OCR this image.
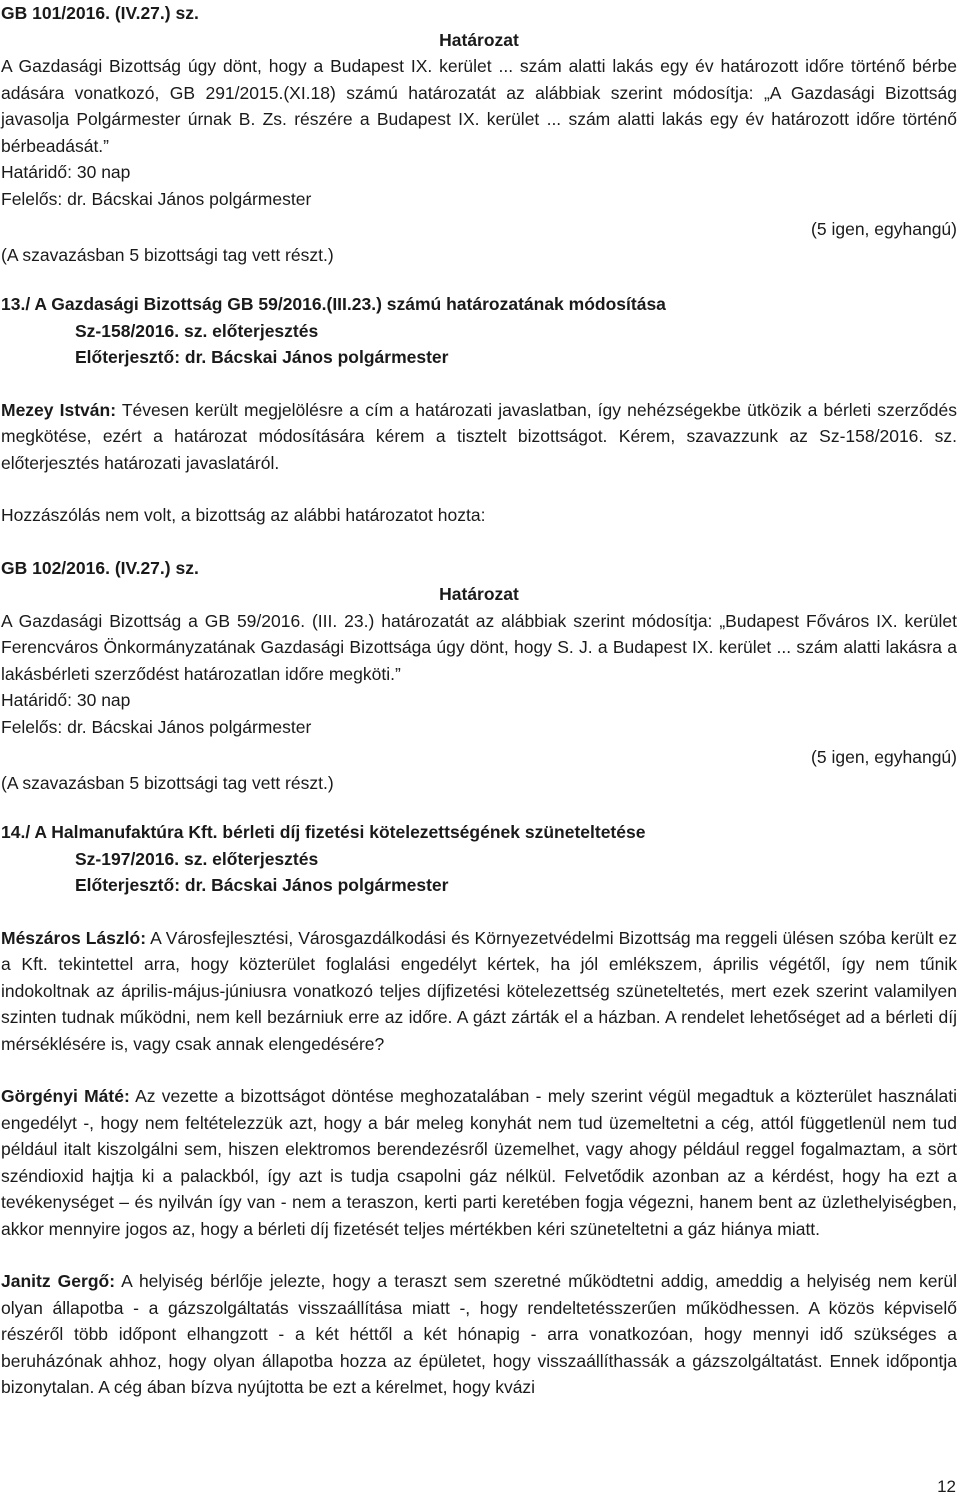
GB 101/2016. (IV.27.) sz.

Határozat

A Gazdasági Bizottság úgy dönt, hogy a Budapest IX. kerület ... szám alatti lakás egy év határozott időre történő bérbe adására vonatkozó, GB 291/2015.(XI.18) számú határozatát az alábbiak szerint módosítja: „A Gazdasági Bizottság javasolja Polgármester úrnak B. Zs. részére a Budapest IX. kerület ... szám alatti lakás egy év határozott időre történő bérbeadását.”

Határidő: 30 nap

Felelős: dr. Bácskai János polgármester

(5 igen, egyhangú)
(A szavazásban 5 bizottsági tag vett részt.)

13./ A Gazdasági Bizottság GB 59/2016.(III.23.) számú határozatának módosítása

Sz-158/2016. sz. előterjesztés

Előterjesztő: dr. Bácskai János polgármester

Mezey István: Tévesen került megjelölésre a cím a határozati javaslatban, így nehézségekbe ütközik a bérleti szerződés megkötése, ezért a határozat módosítására kérem a tisztelt bizottságot. Kérem, szavazzunk az Sz-158/2016. sz. előterjesztés határozati javaslatáról.

Hozzászólás nem volt, a bizottság az alábbi határozatot hozta:

GB 102/2016. (IV.27.) sz.

Határozat

A Gazdasági Bizottság a GB 59/2016. (III. 23.) határozatát az alábbiak szerint módosítja: „Budapest Főváros IX. kerület Ferencváros Önkormányzatának Gazdasági Bizottsága úgy dönt, hogy S. J. a Budapest IX. kerület ... szám alatti lakásra a lakásbérleti szerződést határozatlan időre megköti.”

Határidő: 30 nap

Felelős: dr. Bácskai János polgármester

(5 igen, egyhangú)
(A szavazásban 5 bizottsági tag vett részt.)

14./ A Halmanufaktúra Kft. bérleti díj fizetési kötelezettségének szüneteltetése

Sz-197/2016. sz. előterjesztés

Előterjesztő: dr. Bácskai János polgármester

Mészáros László: A Városfejlesztési, Városgazdálkodási és Környezetvédelmi Bizottság ma reggeli ülésen szóba került ez a Kft. tekintettel arra, hogy közterület foglalási engedélyt kértek, ha jól emlékszem, április végétől, így nem tűnik indokoltnak az április-május-júniusra vonatkozó teljes díjfizetési kötelezettség szüneteltetés, mert ezek szerint valamilyen szinten tudnak működni, nem kell bezárniuk erre az időre. A gázt zárták el a házban. A rendelet lehetőséget ad a bérleti díj mérséklésére is, vagy csak annak elengedésére?

Görgényi Máté: Az vezette a bizottságot döntése meghozatalában - mely szerint végül megadtuk a közterület használati engedélyt -, hogy nem feltételezzük azt, hogy a bár meleg konyhát nem tud üzemeltetni a cég, attól függetlenül nem tud például italt kiszolgálni sem, hiszen elektromos berendezésről üzemelhet, vagy ahogy például reggel fogalmaztam, a sört széndioxid hajtja ki a palackból, így azt is tudja csapolni gáz nélkül. Felvetődik azonban az a kérdést, hogy ha ezt a tevékenységet – és nyilván így van - nem a teraszon, kerti parti keretében fogja végezni, hanem bent az üzlethelyiségben, akkor mennyire jogos az, hogy a bérleti díj fizetését teljes mértékben kéri szüneteltetni a gáz hiánya miatt.

Janitz Gergő: A helyiség bérlője jelezte, hogy a teraszt sem szeretné működtetni addig, ameddig a helyiség nem kerül olyan állapotba - a gázszolgáltatás visszaállítása miatt -, hogy rendeltetésszerűen működhessen. A közös képviselő részéről több időpont elhangzott - a két héttől a két hónapig - arra vonatkozóan, hogy mennyi idő szükséges a beruházónak ahhoz, hogy olyan állapotba hozza az épületet, hogy visszaállíthassák a gázszolgáltatást. Ennek időpontja bizonytalan. A cég ában bízva nyújtotta be ezt a kérelmet, hogy kvázi

12
